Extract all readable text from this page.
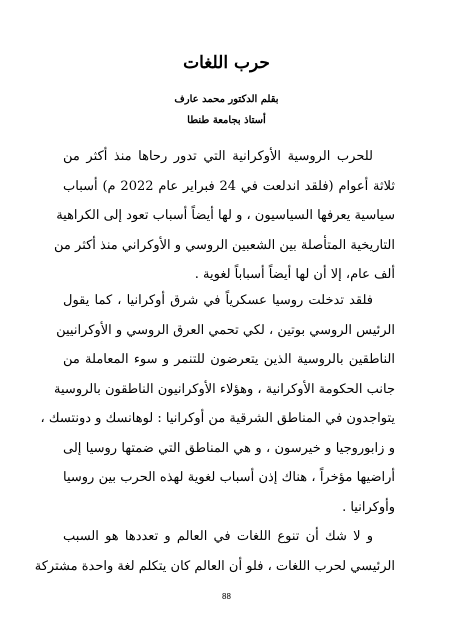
حرب اللغات
بقلم الدكتور محمد عارف
أستاذ بجامعة طنطا
للحرب الروسية الأوكرانية التي تدور رحاها منذ أكثر من
ثلاثة أعوام (فلقد اندلعت في 24 فبراير عام 2022 م) أسباب
سياسية يعرفها السياسيون ، و لها أيضاً أسباب تعود إلى الكراهية
التاريخية المتأصلة بين الشعبين الروسي و الأوكراني منذ أكثر من
ألف عام، إلا أن لها أيضاً أسباباً لغوية .
فلقد تدخلت روسيا عسكرياً في شرق أوكرانيا ، كما يقول
الرئيس الروسي بوتين ، لكي تحمي العرق الروسي و الأوكرانيين
الناطقين بالروسية الذين يتعرضون للتنمر و سوء المعاملة من
جانب الحكومة الأوكرانية ، وهؤلاء الأوكرانيون الناطقون بالروسية
يتواجدون في المناطق الشرقية من أوكرانيا : لوهانسك و دونتسك ،
و زابوروجيا و خيرسون ، و هي المناطق التي ضمتها روسيا إلى
أراضيها مؤخراً ، هناك إذن أسباب لغوية لهذه الحرب بين روسيا
وأوكرانيا .
و لا شك أن تنوع اللغات في العالم و تعددها هو السبب
الرئيسي لحرب اللغات ، فلو أن العالم كان يتكلم لغة واحدة مشتركة
88
